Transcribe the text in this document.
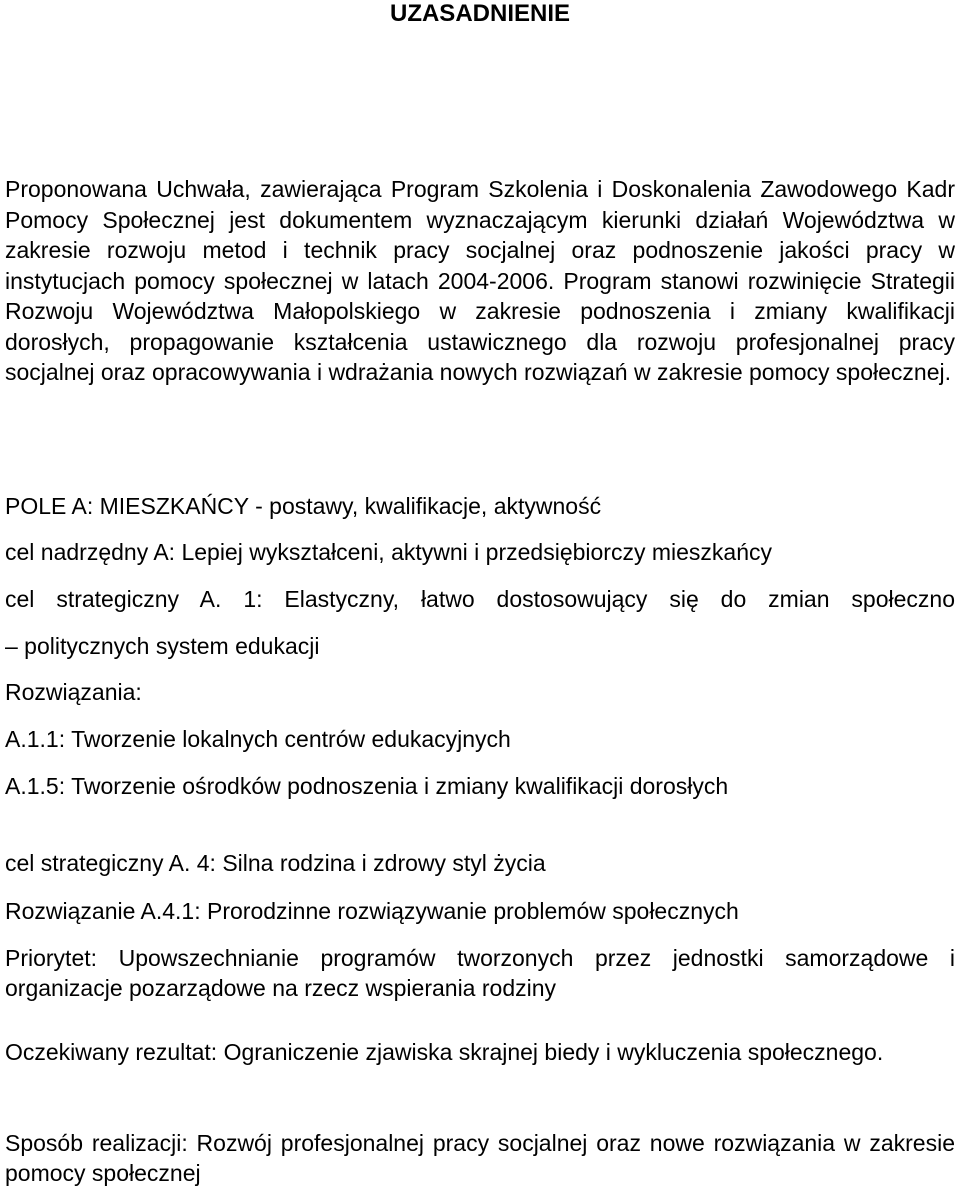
UZASADNIENIE

Proponowana Uchwała, zawierająca Program Szkolenia i Doskonalenia Zawodowego Kadr Pomocy Społecznej jest dokumentem wyznaczającym kierunki działań Województwa w zakresie rozwoju metod i technik pracy socjalnej oraz podnoszenie jakości pracy w instytucjach pomocy społecznej w latach 2004-2006. Program stanowi rozwinięcie Strategii Rozwoju Województwa Małopolskiego w zakresie podnoszenia i zmiany kwalifikacji dorosłych, propagowanie kształcenia ustawicznego dla rozwoju profesjonalnej pracy socjalnej oraz opracowywania i wdrażania nowych rozwiązań w zakresie pomocy społecznej.

POLE A: MIESZKAŃCY - postawy, kwalifikacje, aktywność

cel nadrzędny A: Lepiej wykształceni, aktywni i przedsiębiorczy mieszkańcy

cel strategiczny A. 1: Elastyczny, łatwo dostosowujący się do zmian społeczno

– politycznych system edukacji

Rozwiązania:

A.1.1: Tworzenie lokalnych centrów edukacyjnych

A.1.5: Tworzenie ośrodków podnoszenia i zmiany kwalifikacji dorosłych

cel strategiczny A. 4: Silna rodzina i zdrowy styl życia

Rozwiązanie A.4.1: Prorodzinne rozwiązywanie problemów społecznych

Priorytet: Upowszechnianie programów tworzonych przez jednostki samorządowe i organizacje pozarządowe na rzecz wspierania rodziny

Oczekiwany rezultat: Ograniczenie zjawiska skrajnej biedy i wykluczenia społecznego.

Sposób realizacji: Rozwój profesjonalnej pracy socjalnej oraz nowe rozwiązania w zakresie pomocy społecznej
